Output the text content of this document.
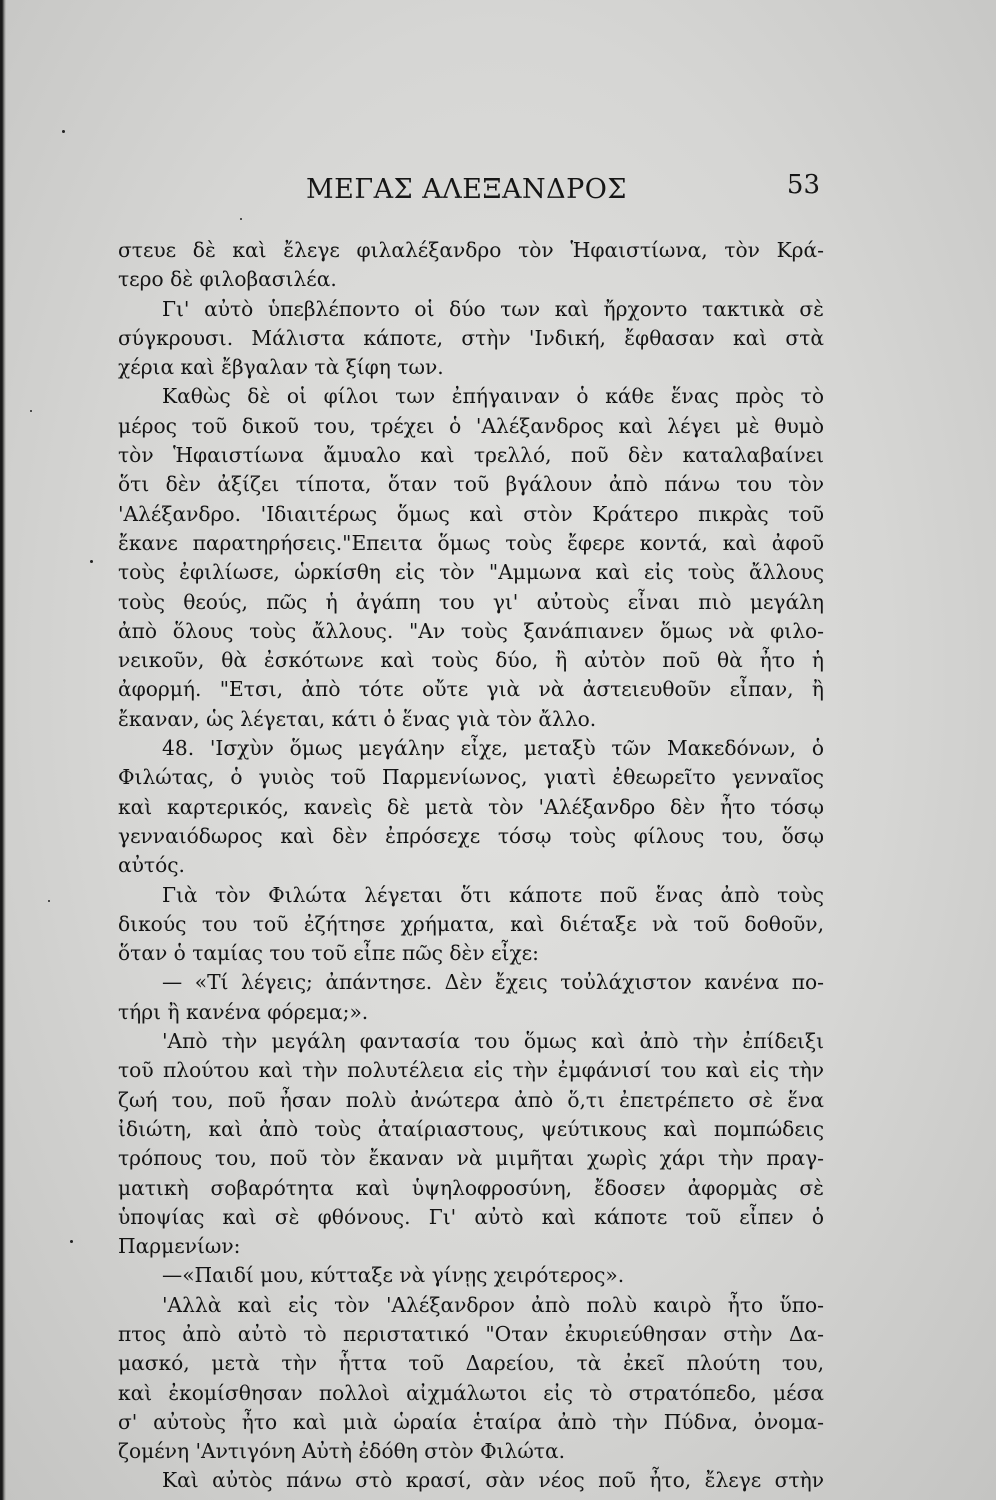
ΜΕΓΑΣ ΑΛΕΞΑΝΔΡΟΣ	53
στευε δὲ καὶ ἔλεγε φιλαλέξανδρο τὸν Ἡφαιστίωνα, τὸν Κρά-
τερο δὲ φιλοβασιλέα.
Γι' αὐτὸ ὑπεβλέποντο οἱ δύο των καὶ ἤρχοντο τακτικὰ σὲ
σύγκρουσι. Μάλιστα κάποτε, στὴν 'Ινδική, ἔφθασαν καὶ στὰ
χέρια καὶ ἔβγαλαν τὰ ξίφη των.
Καθὼς δὲ οἱ φίλοι των ἐπήγαιναν ὁ κάθε ἕνας πρὸς τὸ
μέρος τοῦ δικοῦ του, τρέχει ὁ 'Αλέξανδρος καὶ λέγει μὲ θυμὸ
τὸν Ἡφαιστίωνα ἄμυαλο καὶ τρελλό, ποῦ δὲν καταλαβαίνει
ὅτι δὲν ἀξίζει τίποτα, ὅταν τοῦ βγάλουν ἀπὸ πάνω του τὸν
'Αλέξανδρο. 'Ιδιαιτέρως ὅμως καὶ στὸν Κράτερο πικρὰς τοῦ
ἔκανε παρατηρήσεις."Επειτα ὅμως τοὺς ἔφερε κοντά, καὶ ἀφοῦ
τοὺς ἐφιλίωσε, ὡρκίσθη εἰς τὸν "Αμμωνα καὶ εἰς τοὺς ἄλλους
τοὺς θεούς, πῶς ἡ ἀγάπη του γι' αὐτοὺς εἶναι πιὸ μεγάλη
ἀπὸ ὅλους τοὺς ἄλλους. "Αν τοὺς ξανάπιανεν ὅμως νὰ φιλο-
νεικοῦν, θὰ ἐσκότωνε καὶ τοὺς δύο, ἢ αὐτὸν ποῦ θὰ ἦτο ἡ
ἀφορμή. "Ετσι, ἀπὸ τότε οὔτε γιὰ νὰ ἀστειευθοῦν εἶπαν, ἢ
ἔκαναν, ὡς λέγεται, κάτι ὁ ἕνας γιὰ τὸν ἄλλο.
48. 'Ισχὺν ὅμως μεγάλην εἶχε, μεταξὺ τῶν Μακεδόνων, ὁ
Φιλώτας, ὁ γυιὸς τοῦ Παρμενίωνος, γιατὶ ἐθεωρεῖτο γενναῖος
καὶ καρτερικός, κανεὶς δὲ μετὰ τὸν 'Αλέξανδρο δὲν ἦτο τόσῳ
γενναιόδωρος καὶ δὲν ἐπρόσεχε τόσῳ τοὺς φίλους του, ὅσῳ
αὐτός.
Γιὰ τὸν Φιλώτα λέγεται ὅτι κάποτε ποῦ ἕνας ἀπὸ τοὺς
δικούς του τοῦ ἐζήτησε χρήματα, καὶ διέταξε νὰ τοῦ δοθοῦν,
ὅταν ὁ ταμίας του τοῦ εἶπε πῶς δὲν εἶχε:
— «Τί λέγεις; ἀπάντησε. Δὲν ἔχεις τοὐλάχιστον κανένα πο-
τήρι ἢ κανένα φόρεμα;».
'Απὸ τὴν μεγάλη φαντασία του ὅμως καὶ ἀπὸ τὴν ἐπίδειξι
τοῦ πλούτου καὶ τὴν πολυτέλεια εἰς τὴν ἐμφάνισί του καὶ εἰς τὴν
ζωή του, ποῦ ἦσαν πολὺ ἀνώτερα ἀπὸ ὅ,τι ἐπετρέπετο σὲ ἕνα
ἰδιώτη, καὶ ἀπὸ τοὺς ἀταίριαστους, ψεύτικους καὶ πομπώδεις
τρόπους του, ποῦ τὸν ἔκαναν νὰ μιμῆται χωρὶς χάρι τὴν πραγ-
ματικὴ σοβαρότητα καὶ ὑψηλοφροσύνη, ἔδοσεν ἀφορμὰς σὲ
ὑποψίας καὶ σὲ φθόνους. Γι' αὐτὸ καὶ κάποτε τοῦ εἶπεν ὁ
Παρμενίων:
—«Παιδί μου, κύτταξε νὰ γίνῃς χειρότερος».
'Αλλὰ καὶ εἰς τὸν 'Αλέξανδρον ἀπὸ πολὺ καιρὸ ἦτο ὕπο-
πτος ἀπὸ αὐτὸ τὸ περιστατικό "Οταν ἐκυριεύθησαν στὴν Δα-
μασκό, μετὰ τὴν ἧττα τοῦ Δαρείου, τὰ ἐκεῖ πλούτη του,
καὶ ἐκομίσθησαν πολλοὶ αἰχμάλωτοι εἰς τὸ στρατόπεδο, μέσα
σ' αὐτοὺς ἦτο καὶ μιὰ ὡραία ἑταίρα ἀπὸ τὴν Πύδνα, ὀνομα-
ζομένη 'Αντιγόνη Αὐτὴ ἐδόθη στὸν Φιλώτα.
Καὶ αὐτὸς πάνω στὸ κρασί, σὰν νέος ποῦ ἦτο, ἔλεγε στὴν
